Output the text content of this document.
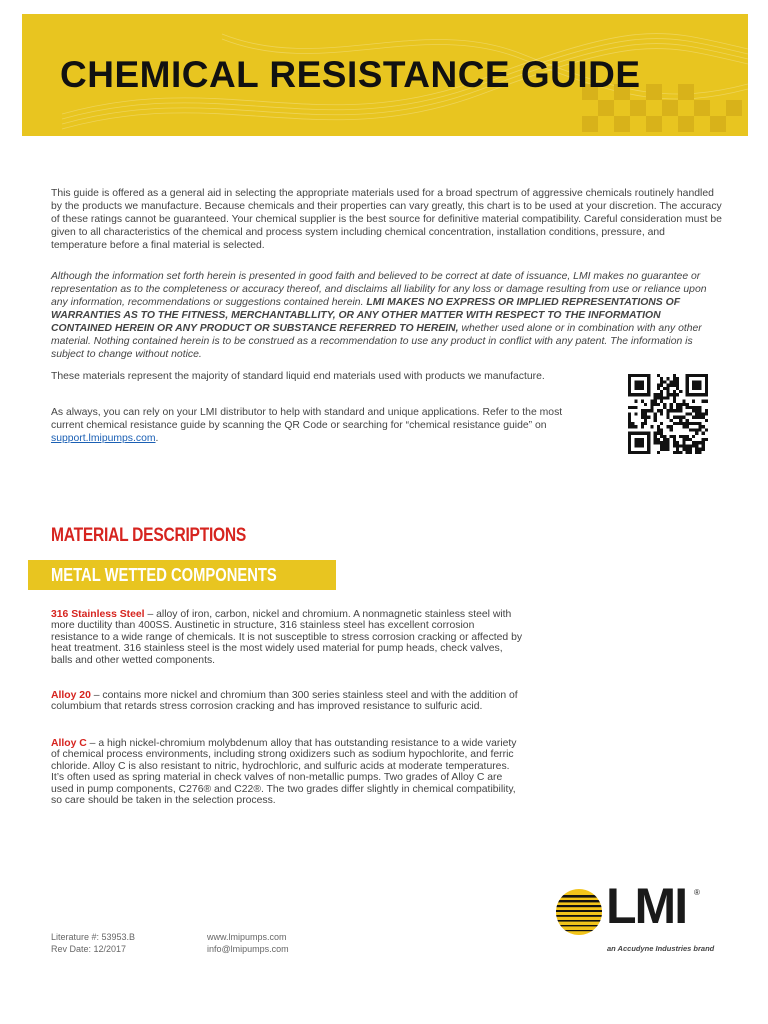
CHEMICAL RESISTANCE GUIDE
This guide is offered as a general aid in selecting the appropriate materials used for a broad spectrum of aggressive chemicals routinely handled by the products we manufacture. Because chemicals and their properties can vary greatly, this chart is to be used at your discretion. The accuracy of these ratings cannot be guaranteed. Your chemical supplier is the best source for definitive material compatibility. Careful consideration must be given to all characteristics of the chemical and process system including chemical concentration, installation conditions, pressure, and temperature before a final material is selected.
Although the information set forth herein is presented in good faith and believed to be correct at date of issuance, LMI makes no guarantee or representation as to the completeness or accuracy thereof, and disclaims all liability for any loss or damage resulting from use or reliance upon any information, recommendations or suggestions contained herein. LMI MAKES NO EXPRESS OR IMPLIED REPRESENTATIONS OF WARRANTIES AS TO THE FITNESS, MERCHANTABLLITY, OR ANY OTHER MATTER WITH RESPECT TO THE INFORMATION CONTAINED HEREIN OR ANY PRODUCT OR SUBSTANCE REFERRED TO HEREIN, whether used alone or in combination with any other material. Nothing contained herein is to be construed as a recommendation to use any product in conflict with any patent. The information is subject to change without notice.
These materials represent the majority of standard liquid end materials used with products we manufacture.
As always, you can rely on your LMI distributor to help with standard and unique applications. Refer to the most current chemical resistance guide by scanning the QR Code or searching for “chemical resistance guide” on support.lmipumps.com.
MATERIAL DESCRIPTIONS
METAL WETTED COMPONENTS
316 Stainless Steel – alloy of iron, carbon, nickel and chromium. A nonmagnetic stainless steel with more ductility than 400SS. Austinetic in structure, 316 stainless steel has excellent corrosion resistance to a wide range of chemicals. It is not susceptible to stress corrosion cracking or affected by heat treatment. 316 stainless steel is the most widely used material for pump heads, check valves, balls and other wetted components.
Alloy 20 – contains more nickel and chromium than 300 series stainless steel and with the addition of columbium that retards stress corrosion cracking and has improved resistance to sulfuric acid.
Alloy C – a high nickel-chromium molybdenum alloy that has outstanding resistance to a wide variety of chemical process environments, including strong oxidizers such as sodium hypochlorite, and ferric chloride. Alloy C is also resistant to nitric, hydrochloric, and sulfuric acids at moderate temperatures. It’s often used as spring material in check valves of non-metallic pumps. Two grades of Alloy C are used in pump components, C276® and C22®. The two grades differ slightly in chemical compatibility, so care should be taken in the selection process.
Literature #: 53953.B
Rev Date: 12/2017
www.lmipumps.com
info@lmipumps.com
LMI ®
an Accudyne Industries brand
